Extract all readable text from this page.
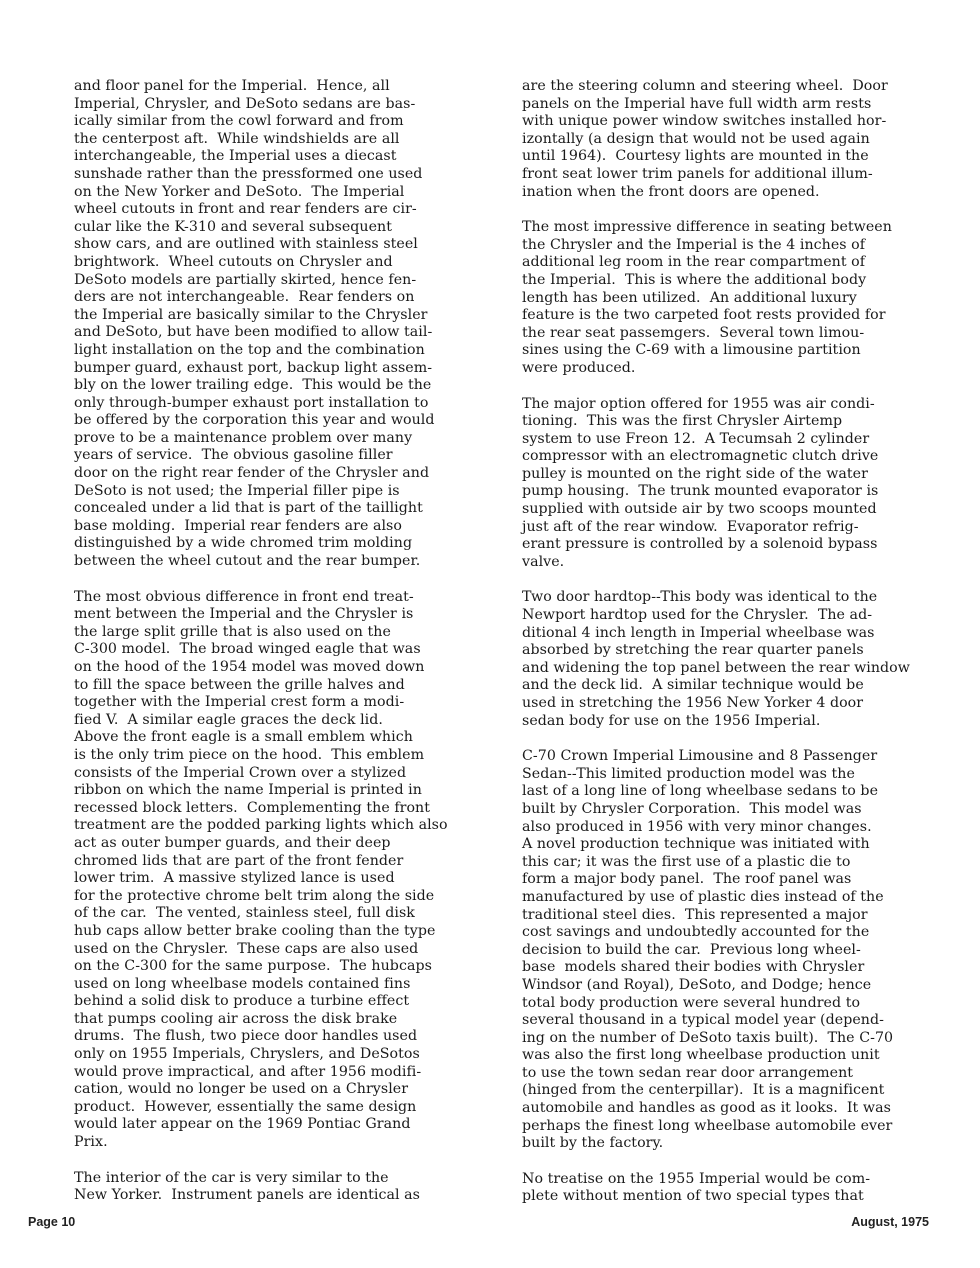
and floor panel for the Imperial.  Hence, all
Imperial, Chrysler, and DeSoto sedans are bas-
ically similar from the cowl forward and from
the centerpost aft.  While windshields are all
interchangeable, the Imperial uses a diecast
sunshade rather than the pressformed one used
on the New Yorker and DeSoto.  The Imperial
wheel cutouts in front and rear fenders are cir-
cular like the K-310 and several subsequent
show cars, and are outlined with stainless steel
brightwork.  Wheel cutouts on Chrysler and
DeSoto models are partially skirted, hence fen-
ders are not interchangeable.  Rear fenders on
the Imperial are basically similar to the Chrysler
and DeSoto, but have been modified to allow tail-
light installation on the top and the combination
bumper guard, exhaust port, backup light assem-
bly on the lower trailing edge.  This would be the
only through-bumper exhaust port installation to
be offered by the corporation this year and would
prove to be a maintenance problem over many
years of service.  The obvious gasoline filler
door on the right rear fender of the Chrysler and
DeSoto is not used; the Imperial filler pipe is
concealed under a lid that is part of the taillight
base molding.  Imperial rear fenders are also
distinguished by a wide chromed trim molding
between the wheel cutout and the rear bumper.
The most obvious difference in front end treat-
ment between the Imperial and the Chrysler is
the large split grille that is also used on the
C-300 model.  The broad winged eagle that was
on the hood of the 1954 model was moved down
to fill the space between the grille halves and
together with the Imperial crest form a modi-
fied V.  A similar eagle graces the deck lid.
Above the front eagle is a small emblem which
is the only trim piece on the hood.  This emblem
consists of the Imperial Crown over a stylized
ribbon on which the name Imperial is printed in
recessed block letters.  Complementing the front
treatment are the podded parking lights which also
act as outer bumper guards, and their deep
chromed lids that are part of the front fender
lower trim.  A massive stylized lance is used
for the protective chrome belt trim along the side
of the car.  The vented, stainless steel, full disk
hub caps allow better brake cooling than the type
used on the Chrysler.  These caps are also used
on the C-300 for the same purpose.  The hubcaps
used on long wheelbase models contained fins
behind a solid disk to produce a turbine effect
that pumps cooling air across the disk brake
drums.  The flush, two piece door handles used
only on 1955 Imperials, Chryslers, and DeSotos
would prove impractical, and after 1956 modifi-
cation, would no longer be used on a Chrysler
product.  However, essentially the same design
would later appear on the 1969 Pontiac Grand
Prix.
The interior of the car is very similar to the
New Yorker.  Instrument panels are identical as
are the steering column and steering wheel.  Door
panels on the Imperial have full width arm rests
with unique power window switches installed hor-
izontally (a design that would not be used again
until 1964).  Courtesy lights are mounted in the
front seat lower trim panels for additional illum-
ination when the front doors are opened.
The most impressive difference in seating between
the Chrysler and the Imperial is the 4 inches of
additional leg room in the rear compartment of
the Imperial.  This is where the additional body
length has been utilized.  An additional luxury
feature is the two carpeted foot rests provided for
the rear seat passemgers.  Several town limou-
sines using the C-69 with a limousine partition
were produced.
The major option offered for 1955 was air condi-
tioning.  This was the first Chrysler Airtemp
system to use Freon 12.  A Tecumsah 2 cylinder
compressor with an electromagnetic clutch drive
pulley is mounted on the right side of the water
pump housing.  The trunk mounted evaporator is
supplied with outside air by two scoops mounted
just aft of the rear window.  Evaporator refrig-
erant pressure is controlled by a solenoid bypass
valve.
Two door hardtop--This body was identical to the
Newport hardtop used for the Chrysler.  The ad-
ditional 4 inch length in Imperial wheelbase was
absorbed by stretching the rear quarter panels
and widening the top panel between the rear window
and the deck lid.  A similar technique would be
used in stretching the 1956 New Yorker 4 door
sedan body for use on the 1956 Imperial.
C-70 Crown Imperial Limousine and 8 Passenger
Sedan--This limited production model was the
last of a long line of long wheelbase sedans to be
built by Chrysler Corporation.  This model was
also produced in 1956 with very minor changes.
A novel production technique was initiated with
this car; it was the first use of a plastic die to
form a major body panel.  The roof panel was
manufactured by use of plastic dies instead of the
traditional steel dies.  This represented a major
cost savings and undoubtedly accounted for the
decision to build the car.  Previous long wheel-
base  models shared their bodies with Chrysler
Windsor (and Royal), DeSoto, and Dodge; hence
total body production were several hundred to
several thousand in a typical model year (depend-
ing on the number of DeSoto taxis built).  The C-70
was also the first long wheelbase production unit
to use the town sedan rear door arrangement
(hinged from the centerpillar).  It is a magnificent
automobile and handles as good as it looks.  It was
perhaps the finest long wheelbase automobile ever
built by the factory.
No treatise on the 1955 Imperial would be com-
plete without mention of two special types that
Page 10	August, 1975
